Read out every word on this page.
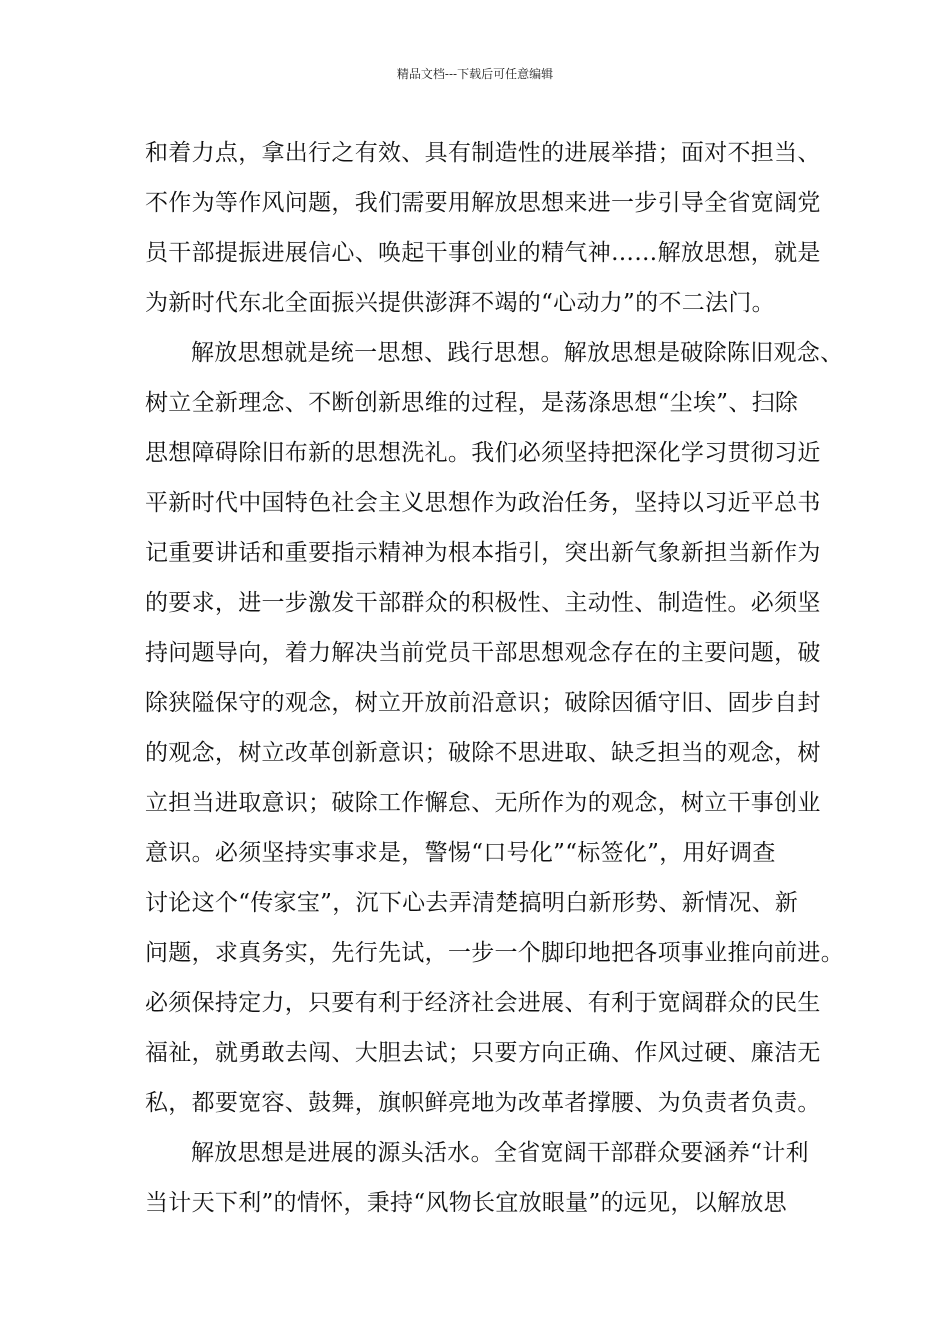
精品文档---下载后可任意编辑
和着力点，拿出行之有效、具有制造性的进展举措；面对不担当、
不作为等作风问题，我们需要用解放思想来进一步引导全省宽阔党
员干部提振进展信心、唤起干事创业的精气神……解放思想，就是
为新时代东北全面振兴提供澎湃不竭的“心动力”的不二法门。
解放思想就是统一思想、践行思想。解放思想是破除陈旧观念、
树立全新理念、不断创新思维的过程，是荡涤思想“尘埃”、扫除
思想障碍除旧布新的思想洗礼。我们必须坚持把深化学习贯彻习近
平新时代中国特色社会主义思想作为政治任务，坚持以习近平总书
记重要讲话和重要指示精神为根本指引，突出新气象新担当新作为
的要求，进一步激发干部群众的积极性、主动性、制造性。必须坚
持问题导向，着力解决当前党员干部思想观念存在的主要问题，破
除狭隘保守的观念，树立开放前沿意识；破除因循守旧、固步自封
的观念，树立改革创新意识；破除不思进取、缺乏担当的观念，树
立担当进取意识；破除工作懈怠、无所作为的观念，树立干事创业
意识。必须坚持实事求是，警惕“口号化”“标签化”，用好调查
讨论这个“传家宝”，沉下心去弄清楚搞明白新形势、新情况、新
问题，求真务实，先行先试，一步一个脚印地把各项事业推向前进。
必须保持定力，只要有利于经济社会进展、有利于宽阔群众的民生
福祉，就勇敢去闯、大胆去试；只要方向正确、作风过硬、廉洁无
私，都要宽容、鼓舞，旗帜鲜亮地为改革者撑腰、为负责者负责。
解放思想是进展的源头活水。全省宽阔干部群众要涵养“计利
当计天下利”的情怀，秉持“风物长宜放眼量”的远见，以解放思
